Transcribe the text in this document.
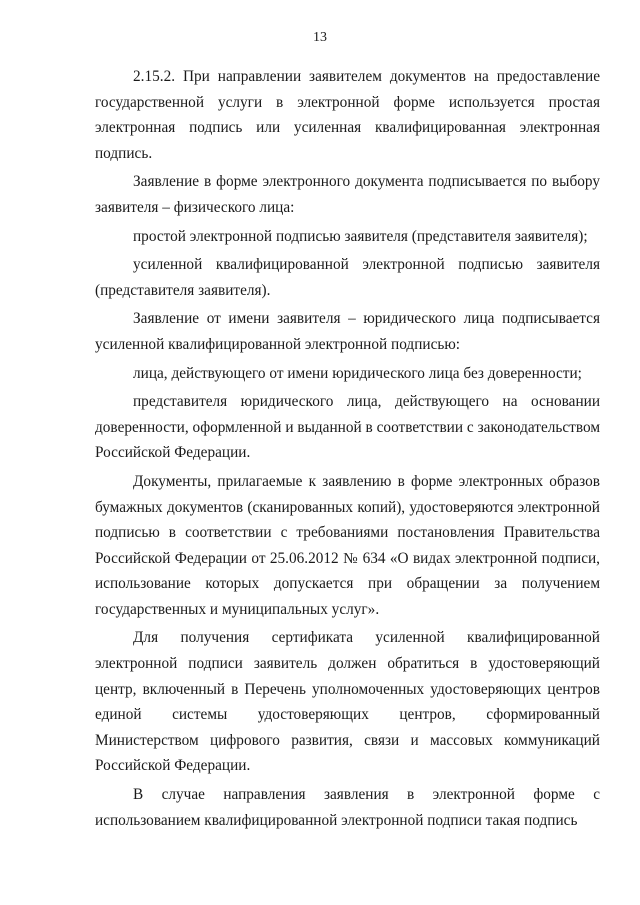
13

2.15.2. При направлении заявителем документов на предоставление государственной услуги в электронной форме используется простая электронная подпись или усиленная квалифицированная электронная подпись.

Заявление в форме электронного документа подписывается по выбору заявителя – физического лица:

простой электронной подписью заявителя (представителя заявителя);

усиленной квалифицированной электронной подписью заявителя (представителя заявителя).

Заявление от имени заявителя – юридического лица подписывается усиленной квалифицированной электронной подписью:

лица, действующего от имени юридического лица без доверенности;

представителя юридического лица, действующего на основании доверенности, оформленной и выданной в соответствии с законодательством Российской Федерации.

Документы, прилагаемые к заявлению в форме электронных образов бумажных документов (сканированных копий), удостоверяются электронной подписью в соответствии с требованиями постановления Правительства Российской Федерации от 25.06.2012 № 634 «О видах электронной подписи, использование которых допускается при обращении за получением государственных и муниципальных услуг».

Для получения сертификата усиленной квалифицированной электронной подписи заявитель должен обратиться в удостоверяющий центр, включенный в Перечень уполномоченных удостоверяющих центров единой системы удостоверяющих центров, сформированный Министерством цифрового развития, связи и массовых коммуникаций Российской Федерации.

В случае направления заявления в электронной форме с использованием квалифицированной электронной подписи такая подпись
